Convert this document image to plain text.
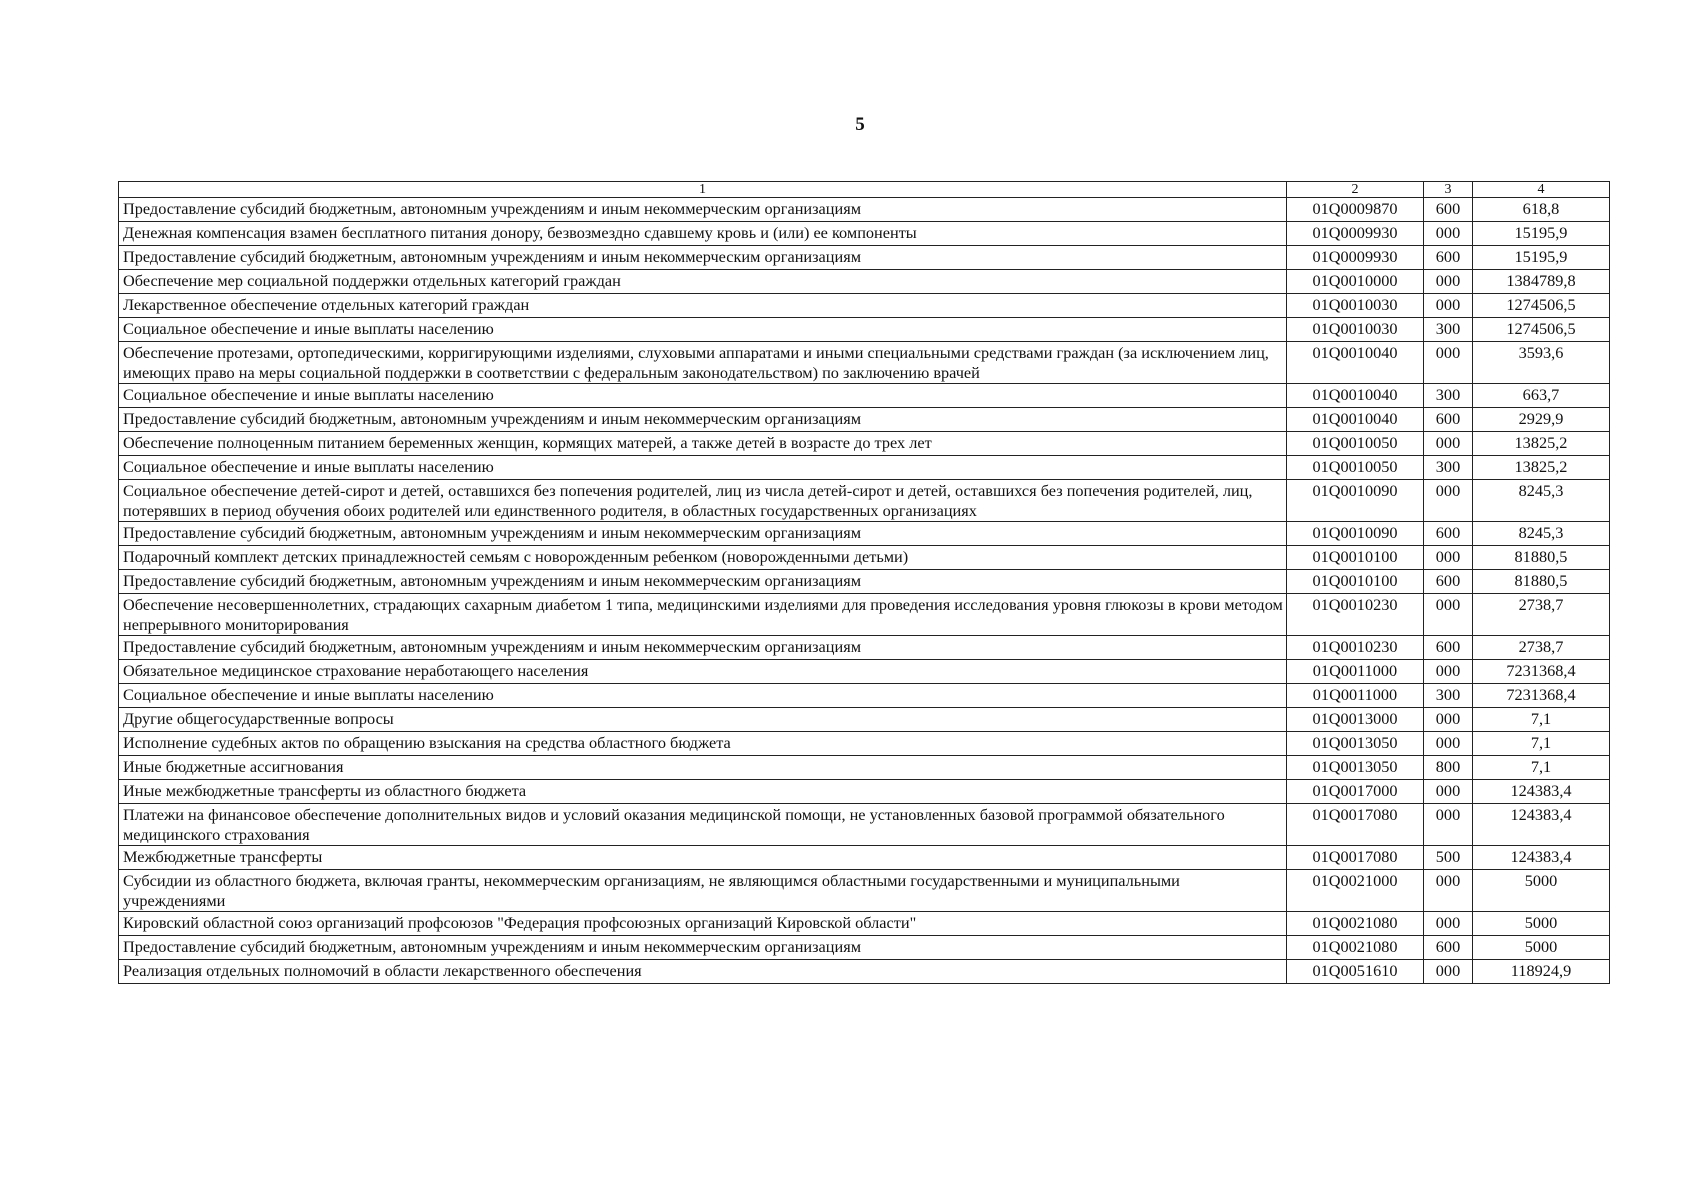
5
1	2	3	4
Предоставление субсидий бюджетным, автономным учреждениям и иным некоммерческим организациям	01Q0009870	600	618,8
Денежная компенсация взамен бесплатного питания донору, безвозмездно сдавшему кровь и (или) ее компоненты	01Q0009930	000	15195,9
Предоставление субсидий бюджетным, автономным учреждениям и иным некоммерческим организациям	01Q0009930	600	15195,9
Обеспечение мер социальной поддержки отдельных категорий граждан	01Q0010000	000	1384789,8
Лекарственное обеспечение отдельных категорий граждан	01Q0010030	000	1274506,5
Социальное обеспечение и иные выплаты населению	01Q0010030	300	1274506,5
Обеспечение протезами, ортопедическими, корригирующими изделиями, слуховыми аппаратами и иными специальными средствами граждан (за исключением лиц, имеющих право на меры социальной поддержки в соответствии с федеральным законодательством) по заключению врачей	01Q0010040	000	3593,6
Социальное обеспечение и иные выплаты населению	01Q0010040	300	663,7
Предоставление субсидий бюджетным, автономным учреждениям и иным некоммерческим организациям	01Q0010040	600	2929,9
Обеспечение полноценным питанием беременных женщин, кормящих матерей, а также детей в возрасте до трех лет	01Q0010050	000	13825,2
Социальное обеспечение и иные выплаты населению	01Q0010050	300	13825,2
Социальное обеспечение детей-сирот и детей, оставшихся без попечения родителей, лиц из числа детей-сирот и детей, оставшихся без попечения родителей, лиц, потерявших в период обучения обоих родителей или единственного родителя, в областных государственных организациях	01Q0010090	000	8245,3
Предоставление субсидий бюджетным, автономным учреждениям и иным некоммерческим организациям	01Q0010090	600	8245,3
Подарочный комплект детских принадлежностей семьям с новорожденным ребенком (новорожденными детьми)	01Q0010100	000	81880,5
Предоставление субсидий бюджетным, автономным учреждениям и иным некоммерческим организациям	01Q0010100	600	81880,5
Обеспечение несовершеннолетних, страдающих сахарным диабетом 1 типа, медицинскими изделиями для проведения исследования уровня глюкозы в крови методом непрерывного мониторирования	01Q0010230	000	2738,7
Предоставление субсидий бюджетным, автономным учреждениям и иным некоммерческим организациям	01Q0010230	600	2738,7
Обязательное медицинское страхование неработающего населения	01Q0011000	000	7231368,4
Социальное обеспечение и иные выплаты населению	01Q0011000	300	7231368,4
Другие общегосударственные вопросы	01Q0013000	000	7,1
Исполнение судебных актов по обращению взыскания на средства областного бюджета	01Q0013050	000	7,1
Иные бюджетные ассигнования	01Q0013050	800	7,1
Иные межбюджетные трансферты из областного бюджета	01Q0017000	000	124383,4
Платежи на финансовое обеспечение дополнительных видов и условий оказания медицинской помощи, не установленных базовой программой обязательного медицинского страхования	01Q0017080	000	124383,4
Межбюджетные трансферты	01Q0017080	500	124383,4
Субсидии из областного бюджета, включая гранты, некоммерческим организациям, не являющимся областными государственными и муниципальными учреждениями	01Q0021000	000	5000
Кировский областной союз организаций профсоюзов "Федерация профсоюзных организаций Кировской области"	01Q0021080	000	5000
Предоставление субсидий бюджетным, автономным учреждениям и иным некоммерческим организациям	01Q0021080	600	5000
Реализация отдельных полномочий в области лекарственного обеспечения	01Q0051610	000	118924,9
